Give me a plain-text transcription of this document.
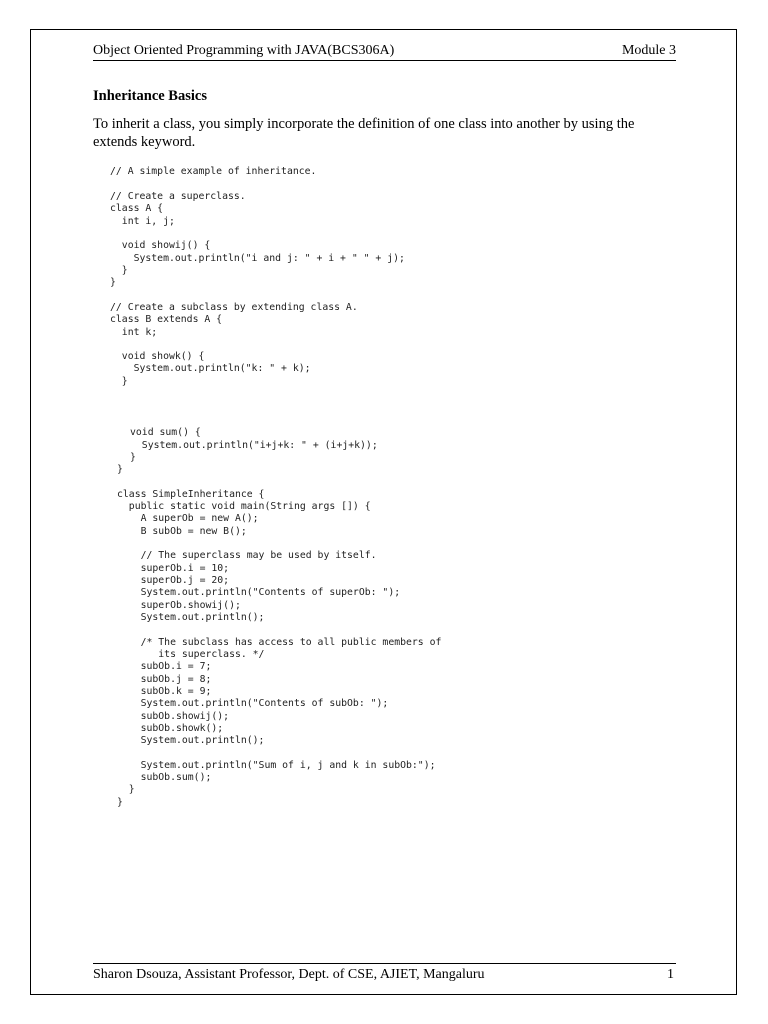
Object Oriented Programming with JAVA(BCS306A)	Module 3
Inheritance Basics
To inherit a class, you simply incorporate the definition of one class into another by using the
extends keyword.
// A simple example of inheritance.
// Create a superclass.
class A {
int i, j;
void showij() {
System.out.println("i and j: " + i + " " + j);
}
}
// Create a subclass by extending class A.
class B extends A {
int k;
void showk() {
System.out.println("k: " + k);
}
void sum() {
System.out.println("i+j+k: " + (i+j+k));
}
}
class SimpleInheritance {
public static void main(String args []) {
A superOb = new A();
B subOb = new B();
// The superclass may be used by itself.
superOb.i = 10;
superOb.j = 20;
System.out.println("Contents of superOb: ");
superOb.showij();
System.out.println();
/* The subclass has access to all public members of
its superclass. */
subOb.i = 7;
subOb.j = 8;
subOb.k = 9;
System.out.println("Contents of subOb: ");
subOb.showij();
subOb.showk();
System.out.println();
System.out.println("Sum of i, j and k in subOb:");
subOb.sum();
}
}
Sharon Dsouza, Assistant Professor, Dept. of CSE, AJIET, Mangaluru	1
